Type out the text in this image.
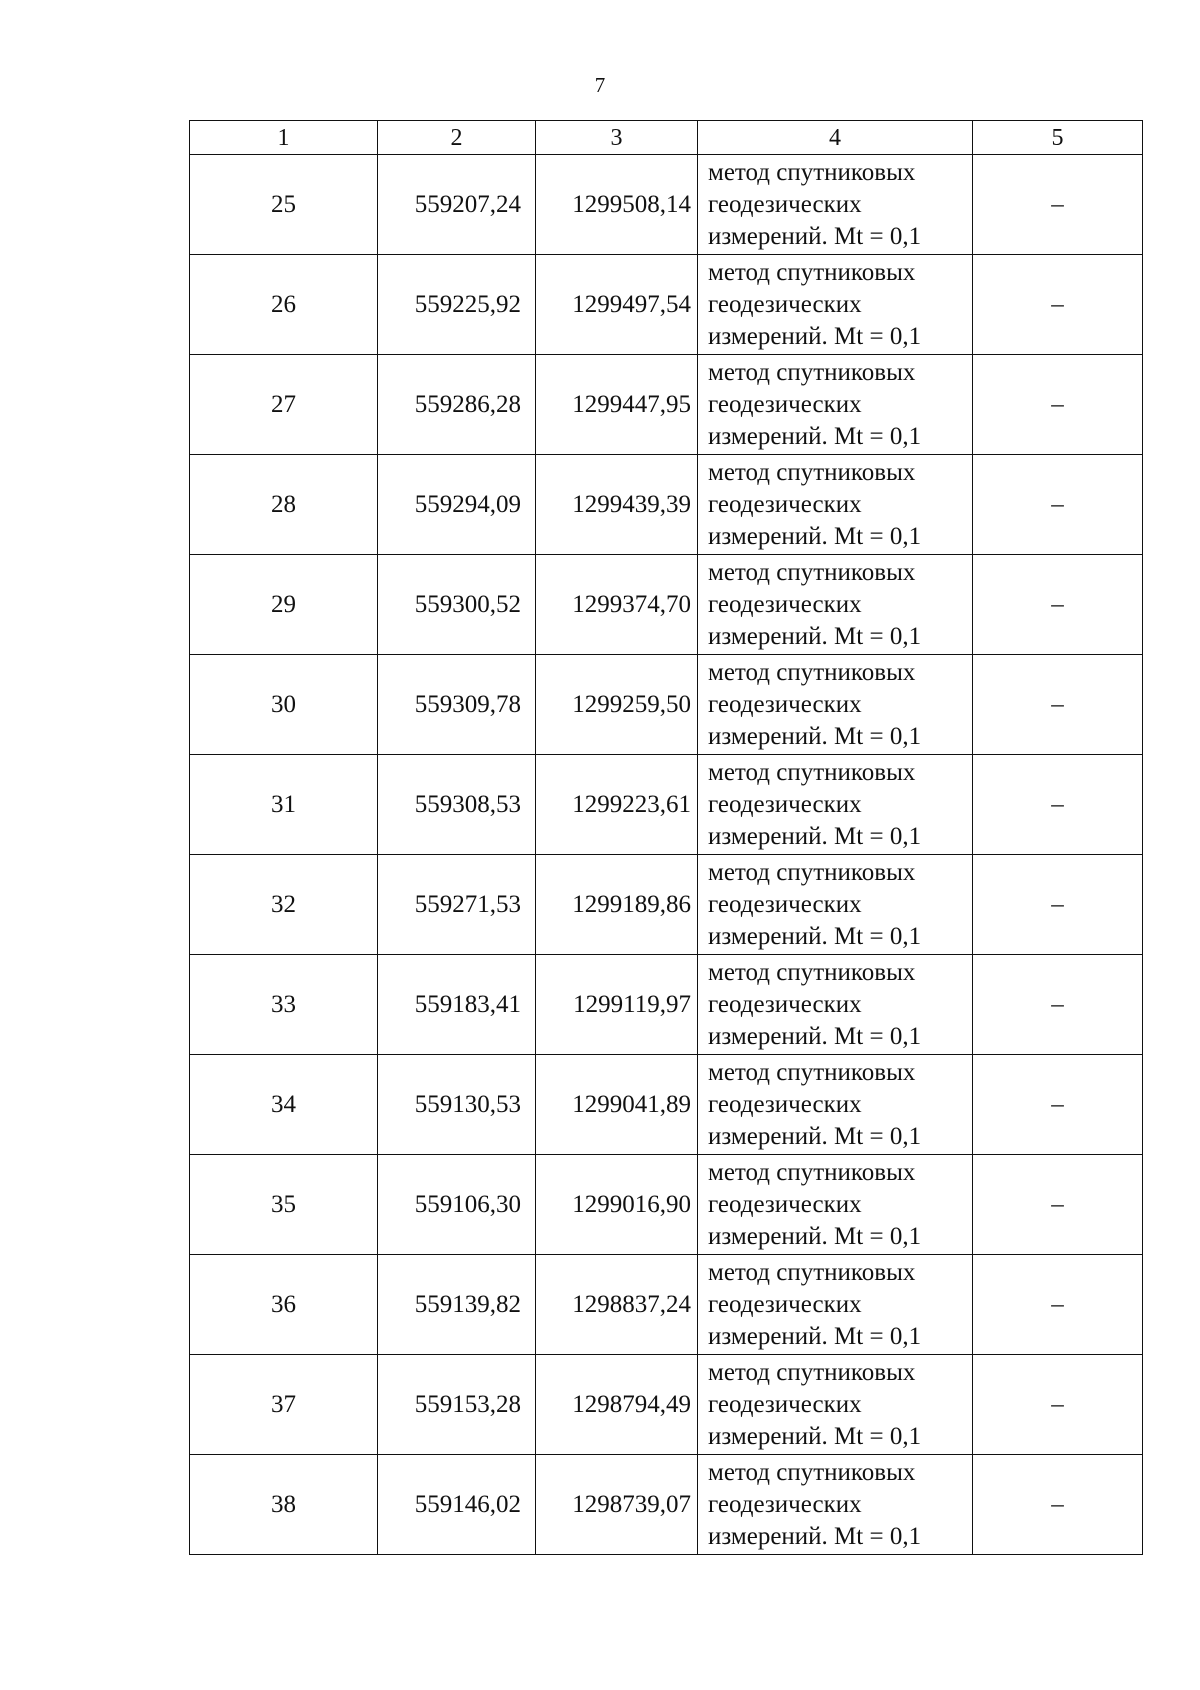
7
1	2	3	4	5
25	559207,24	1299508,14	метод спутниковых
геодезических
измерений. Mt = 0,1	–
26	559225,92	1299497,54	метод спутниковых
геодезических
измерений. Mt = 0,1	–
27	559286,28	1299447,95	метод спутниковых
геодезических
измерений. Mt = 0,1	–
28	559294,09	1299439,39	метод спутниковых
геодезических
измерений. Mt = 0,1	–
29	559300,52	1299374,70	метод спутниковых
геодезических
измерений. Mt = 0,1	–
30	559309,78	1299259,50	метод спутниковых
геодезических
измерений. Mt = 0,1	–
31	559308,53	1299223,61	метод спутниковых
геодезических
измерений. Mt = 0,1	–
32	559271,53	1299189,86	метод спутниковых
геодезических
измерений. Mt = 0,1	–
33	559183,41	1299119,97	метод спутниковых
геодезических
измерений. Mt = 0,1	–
34	559130,53	1299041,89	метод спутниковых
геодезических
измерений. Mt = 0,1	–
35	559106,30	1299016,90	метод спутниковых
геодезических
измерений. Mt = 0,1	–
36	559139,82	1298837,24	метод спутниковых
геодезических
измерений. Mt = 0,1	–
37	559153,28	1298794,49	метод спутниковых
геодезических
измерений. Mt = 0,1	–
38	559146,02	1298739,07	метод спутниковых
геодезических
измерений. Mt = 0,1	–
